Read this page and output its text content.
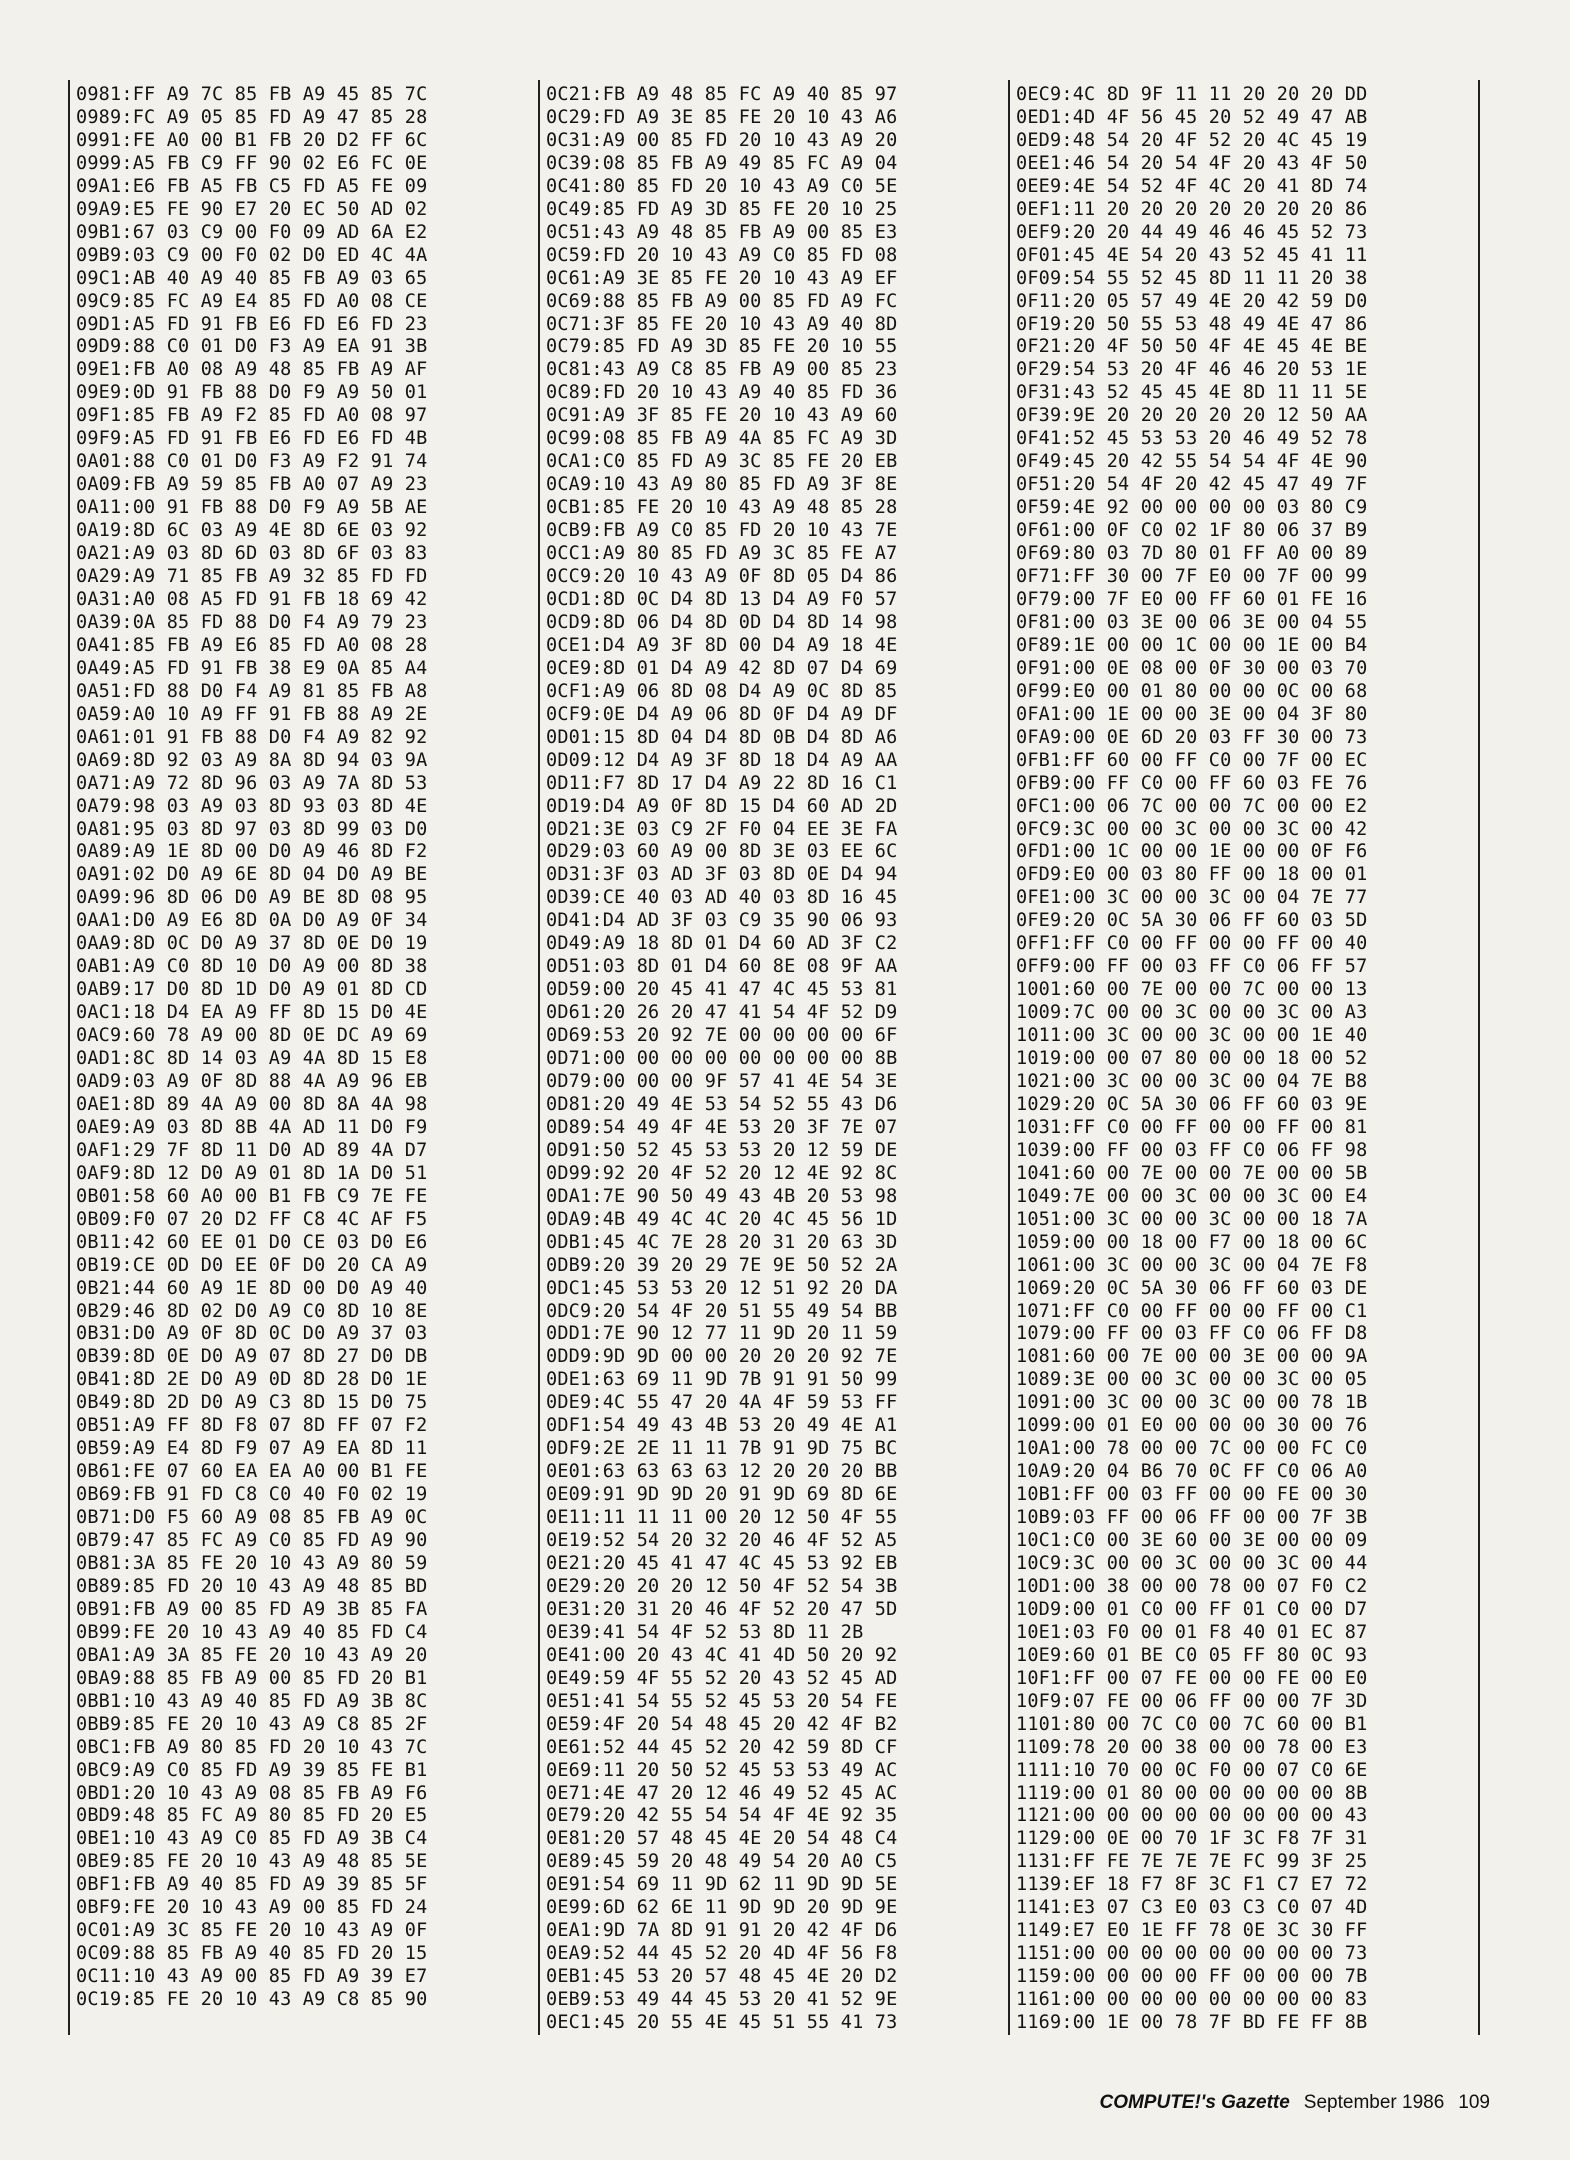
0981:FF A9 7C 85 FB A9 45 85 7C
0989:FC A9 05 85 FD A9 47 85 28
0991:FE A0 00 B1 FB 20 D2 FF 6C
0999:A5 FB C9 FF 90 02 E6 FC 0E
09A1:E6 FB A5 FB C5 FD A5 FE 09
09A9:E5 FE 90 E7 20 EC 50 AD 02
09B1:67 03 C9 00 F0 09 AD 6A E2
09B9:03 C9 00 F0 02 D0 ED 4C 4A
09C1:AB 40 A9 40 85 FB A9 03 65
09C9:85 FC A9 E4 85 FD A0 08 CE
09D1:A5 FD 91 FB E6 FD E6 FD 23
09D9:88 C0 01 D0 F3 A9 EA 91 3B
09E1:FB A0 08 A9 48 85 FB A9 AF
09E9:0D 91 FB 88 D0 F9 A9 50 01
09F1:85 FB A9 F2 85 FD A0 08 97
09F9:A5 FD 91 FB E6 FD E6 FD 4B
0A01:88 C0 01 D0 F3 A9 F2 91 74
0A09:FB A9 59 85 FB A0 07 A9 23
0A11:00 91 FB 88 D0 F9 A9 5B AE
0A19:8D 6C 03 A9 4E 8D 6E 03 92
0A21:A9 03 8D 6D 03 8D 6F 03 83
0A29:A9 71 85 FB A9 32 85 FD FD
0A31:A0 08 A5 FD 91 FB 18 69 42
0A39:0A 85 FD 88 D0 F4 A9 79 23
0A41:85 FB A9 E6 85 FD A0 08 28
0A49:A5 FD 91 FB 38 E9 0A 85 A4
0A51:FD 88 D0 F4 A9 81 85 FB A8
0A59:A0 10 A9 FF 91 FB 88 A9 2E
0A61:01 91 FB 88 D0 F4 A9 82 92
0A69:8D 92 03 A9 8A 8D 94 03 9A
0A71:A9 72 8D 96 03 A9 7A 8D 53
0A79:98 03 A9 03 8D 93 03 8D 4E
0A81:95 03 8D 97 03 8D 99 03 D0
0A89:A9 1E 8D 00 D0 A9 46 8D F2
0A91:02 D0 A9 6E 8D 04 D0 A9 BE
0A99:96 8D 06 D0 A9 BE 8D 08 95
0AA1:D0 A9 E6 8D 0A D0 A9 0F 34
0AA9:8D 0C D0 A9 37 8D 0E D0 19
0AB1:A9 C0 8D 10 D0 A9 00 8D 38
0AB9:17 D0 8D 1D D0 A9 01 8D CD
0AC1:18 D4 EA A9 FF 8D 15 D0 4E
0AC9:60 78 A9 00 8D 0E DC A9 69
0AD1:8C 8D 14 03 A9 4A 8D 15 E8
0AD9:03 A9 0F 8D 88 4A A9 96 EB
0AE1:8D 89 4A A9 00 8D 8A 4A 98
0AE9:A9 03 8D 8B 4A AD 11 D0 F9
0AF1:29 7F 8D 11 D0 AD 89 4A D7
0AF9:8D 12 D0 A9 01 8D 1A D0 51
0B01:58 60 A0 00 B1 FB C9 7E FE
0B09:F0 07 20 D2 FF C8 4C AF F5
0B11:42 60 EE 01 D0 CE 03 D0 E6
0B19:CE 0D D0 EE 0F D0 20 CA A9
0B21:44 60 A9 1E 8D 00 D0 A9 40
0B29:46 8D 02 D0 A9 C0 8D 10 8E
0B31:D0 A9 0F 8D 0C D0 A9 37 03
0B39:8D 0E D0 A9 07 8D 27 D0 DB
0B41:8D 2E D0 A9 0D 8D 28 D0 1E
0B49:8D 2D D0 A9 C3 8D 15 D0 75
0B51:A9 FF 8D F8 07 8D FF 07 F2
0B59:A9 E4 8D F9 07 A9 EA 8D 11
0B61:FE 07 60 EA EA A0 00 B1 FE
0B69:FB 91 FD C8 C0 40 F0 02 19
0B71:D0 F5 60 A9 08 85 FB A9 0C
0B79:47 85 FC A9 C0 85 FD A9 90
0B81:3A 85 FE 20 10 43 A9 80 59
0B89:85 FD 20 10 43 A9 48 85 BD
0B91:FB A9 00 85 FD A9 3B 85 FA
0B99:FE 20 10 43 A9 40 85 FD C4
0BA1:A9 3A 85 FE 20 10 43 A9 20
0BA9:88 85 FB A9 00 85 FD 20 B1
0BB1:10 43 A9 40 85 FD A9 3B 8C
0BB9:85 FE 20 10 43 A9 C8 85 2F
0BC1:FB A9 80 85 FD 20 10 43 7C
0BC9:A9 C0 85 FD A9 39 85 FE B1
0BD1:20 10 43 A9 08 85 FB A9 F6
0BD9:48 85 FC A9 80 85 FD 20 E5
0BE1:10 43 A9 C0 85 FD A9 3B C4
0BE9:85 FE 20 10 43 A9 48 85 5E
0BF1:FB A9 40 85 FD A9 39 85 5F
0BF9:FE 20 10 43 A9 00 85 FD 24
0C01:A9 3C 85 FE 20 10 43 A9 0F
0C09:88 85 FB A9 40 85 FD 20 15
0C11:10 43 A9 00 85 FD A9 39 E7
0C19:85 FE 20 10 43 A9 C8 85 90
0C21:FB A9 48 85 FC A9 40 85 97
0C29:FD A9 3E 85 FE 20 10 43 A6
0C31:A9 00 85 FD 20 10 43 A9 20
0C39:08 85 FB A9 49 85 FC A9 04
0C41:80 85 FD 20 10 43 A9 C0 5E
0C49:85 FD A9 3D 85 FE 20 10 25
0C51:43 A9 48 85 FB A9 00 85 E3
0C59:FD 20 10 43 A9 C0 85 FD 08
0C61:A9 3E 85 FE 20 10 43 A9 EF
0C69:88 85 FB A9 00 85 FD A9 FC
0C71:3F 85 FE 20 10 43 A9 40 8D
0C79:85 FD A9 3D 85 FE 20 10 55
0C81:43 A9 C8 85 FB A9 00 85 23
0C89:FD 20 10 43 A9 40 85 FD 36
0C91:A9 3F 85 FE 20 10 43 A9 60
0C99:08 85 FB A9 4A 85 FC A9 3D
0CA1:C0 85 FD A9 3C 85 FE 20 EB
0CA9:10 43 A9 80 85 FD A9 3F 8E
0CB1:85 FE 20 10 43 A9 48 85 28
0CB9:FB A9 C0 85 FD 20 10 43 7E
0CC1:A9 80 85 FD A9 3C 85 FE A7
0CC9:20 10 43 A9 0F 8D 05 D4 86
0CD1:8D 0C D4 8D 13 D4 A9 F0 57
0CD9:8D 06 D4 8D 0D D4 8D 14 98
0CE1:D4 A9 3F 8D 00 D4 A9 18 4E
0CE9:8D 01 D4 A9 42 8D 07 D4 69
0CF1:A9 06 8D 08 D4 A9 0C 8D 85
0CF9:0E D4 A9 06 8D 0F D4 A9 DF
0D01:15 8D 04 D4 8D 0B D4 8D A6
0D09:12 D4 A9 3F 8D 18 D4 A9 AA
0D11:F7 8D 17 D4 A9 22 8D 16 C1
0D19:D4 A9 0F 8D 15 D4 60 AD 2D
0D21:3E 03 C9 2F F0 04 EE 3E FA
0D29:03 60 A9 00 8D 3E 03 EE 6C
0D31:3F 03 AD 3F 03 8D 0E D4 94
0D39:CE 40 03 AD 40 03 8D 16 45
0D41:D4 AD 3F 03 C9 35 90 06 93
0D49:A9 18 8D 01 D4 60 AD 3F C2
0D51:03 8D 01 D4 60 8E 08 9F AA
0D59:00 20 45 41 47 4C 45 53 81
0D61:20 26 20 47 41 54 4F 52 D9
0D69:53 20 92 7E 00 00 00 00 6F
0D71:00 00 00 00 00 00 00 00 8B
0D79:00 00 00 9F 57 41 4E 54 3E
0D81:20 49 4E 53 54 52 55 43 D6
0D89:54 49 4F 4E 53 20 3F 7E 07
0D91:50 52 45 53 53 20 12 59 DE
0D99:92 20 4F 52 20 12 4E 92 8C
0DA1:7E 90 50 49 43 4B 20 53 98
0DA9:4B 49 4C 4C 20 4C 45 56 1D
0DB1:45 4C 7E 28 20 31 20 63 3D
0DB9:20 39 20 29 7E 9E 50 52 2A
0DC1:45 53 53 20 12 51 92 20 DA
0DC9:20 54 4F 20 51 55 49 54 BB
0DD1:7E 90 12 77 11 9D 20 11 59
0DD9:9D 9D 00 00 20 20 20 92 7E
0DE1:63 69 11 9D 7B 91 91 50 99
0DE9:4C 55 47 20 4A 4F 59 53 FF
0DF1:54 49 43 4B 53 20 49 4E A1
0DF9:2E 2E 11 11 7B 91 9D 75 BC
0E01:63 63 63 63 12 20 20 20 BB
0E09:91 9D 9D 20 91 9D 69 8D 6E
0E11:11 11 11 00 20 12 50 4F 55
0E19:52 54 20 32 20 46 4F 52 A5
0E21:20 45 41 47 4C 45 53 92 EB
0E29:20 20 20 12 50 4F 52 54 3B
0E31:20 31 20 46 4F 52 20 47 5D
0E39:41 54 4F 52 53 8D 11 2B
0E41:00 20 43 4C 41 4D 50 20 92
0E49:59 4F 55 52 20 43 52 45 AD
0E51:41 54 55 52 45 53 20 54 FE
0E59:4F 20 54 48 45 20 42 4F B2
0E61:52 44 45 52 20 42 59 8D CF
0E69:11 20 50 52 45 53 53 49 AC
0E71:4E 47 20 12 46 49 52 45 AC
0E79:20 42 55 54 54 4F 4E 92 35
0E81:20 57 48 45 4E 20 54 48 C4
0E89:45 59 20 48 49 54 20 A0 C5
0E91:54 69 11 9D 62 11 9D 9D 5E
0E99:6D 62 6E 11 9D 9D 20 9D 9E
0EA1:9D 7A 8D 91 91 20 42 4F D6
0EA9:52 44 45 52 20 4D 4F 56 F8
0EB1:45 53 20 57 48 45 4E 20 D2
0EB9:53 49 44 45 53 20 41 52 9E
0EC1:45 20 55 4E 45 51 55 41 73
0EC9:4C 8D 9F 11 11 20 20 20 DD
0ED1:4D 4F 56 45 20 52 49 47 AB
0ED9:48 54 20 4F 52 20 4C 45 19
0EE1:46 54 20 54 4F 20 43 4F 50
0EE9:4E 54 52 4F 4C 20 41 8D 74
0EF1:11 20 20 20 20 20 20 20 86
0EF9:20 20 44 49 46 46 45 52 73
0F01:45 4E 54 20 43 52 45 41 11
0F09:54 55 52 45 8D 11 11 20 38
0F11:20 05 57 49 4E 20 42 59 D0
0F19:20 50 55 53 48 49 4E 47 86
0F21:20 4F 50 50 4F 4E 45 4E BE
0F29:54 53 20 4F 46 46 20 53 1E
0F31:43 52 45 45 4E 8D 11 11 5E
0F39:9E 20 20 20 20 20 12 50 AA
0F41:52 45 53 53 20 46 49 52 78
0F49:45 20 42 55 54 54 4F 4E 90
0F51:20 54 4F 20 42 45 47 49 7F
0F59:4E 92 00 00 00 00 03 80 C9
0F61:00 0F C0 02 1F 80 06 37 B9
0F69:80 03 7D 80 01 FF A0 00 89
0F71:FF 30 00 7F E0 00 7F 00 99
0F79:00 7F E0 00 FF 60 01 FE 16
0F81:00 03 3E 00 06 3E 00 04 55
0F89:1E 00 00 1C 00 00 1E 00 B4
0F91:00 0E 08 00 0F 30 00 03 70
0F99:E0 00 01 80 00 00 0C 00 68
0FA1:00 1E 00 00 3E 00 04 3F 80
0FA9:00 0E 6D 20 03 FF 30 00 73
0FB1:FF 60 00 FF C0 00 7F 00 EC
0FB9:00 FF C0 00 FF 60 03 FE 76
0FC1:00 06 7C 00 00 7C 00 00 E2
0FC9:3C 00 00 3C 00 00 3C 00 42
0FD1:00 1C 00 00 1E 00 00 0F F6
0FD9:E0 00 03 80 FF 00 18 00 01
0FE1:00 3C 00 00 3C 00 04 7E 77
0FE9:20 0C 5A 30 06 FF 60 03 5D
0FF1:FF C0 00 FF 00 00 FF 00 40
0FF9:00 FF 00 03 FF C0 06 FF 57
1001:60 00 7E 00 00 7C 00 00 13
1009:7C 00 00 3C 00 00 3C 00 A3
1011:00 3C 00 00 3C 00 00 1E 40
1019:00 00 07 80 00 00 18 00 52
1021:00 3C 00 00 3C 00 04 7E B8
1029:20 0C 5A 30 06 FF 60 03 9E
1031:FF C0 00 FF 00 00 FF 00 81
1039:00 FF 00 03 FF C0 06 FF 98
1041:60 00 7E 00 00 7E 00 00 5B
1049:7E 00 00 3C 00 00 3C 00 E4
1051:00 3C 00 00 3C 00 00 18 7A
1059:00 00 18 00 F7 00 18 00 6C
1061:00 3C 00 00 3C 00 04 7E F8
1069:20 0C 5A 30 06 FF 60 03 DE
1071:FF C0 00 FF 00 00 FF 00 C1
1079:00 FF 00 03 FF C0 06 FF D8
1081:60 00 7E 00 00 3E 00 00 9A
1089:3E 00 00 3C 00 00 3C 00 05
1091:00 3C 00 00 3C 00 00 78 1B
1099:00 01 E0 00 00 00 30 00 76
10A1:00 78 00 00 7C 00 00 FC C0
10A9:20 04 B6 70 0C FF C0 06 A0
10B1:FF 00 03 FF 00 00 FE 00 30
10B9:03 FF 00 06 FF 00 00 7F 3B
10C1:C0 00 3E 60 00 3E 00 00 09
10C9:3C 00 00 3C 00 00 3C 00 44
10D1:00 38 00 00 78 00 07 F0 C2
10D9:00 01 C0 00 FF 01 C0 00 D7
10E1:03 F0 00 01 F8 40 01 EC 87
10E9:60 01 BE C0 05 FF 80 0C 93
10F1:FF 00 07 FE 00 00 FE 00 E0
10F9:07 FE 00 06 FF 00 00 7F 3D
1101:80 00 7C C0 00 7C 60 00 B1
1109:78 20 00 38 00 00 78 00 E3
1111:10 70 00 0C F0 00 07 C0 6E
1119:00 01 80 00 00 00 00 00 8B
1121:00 00 00 00 00 00 00 00 43
1129:00 0E 00 70 1F 3C F8 7F 31
1131:FF FE 7E 7E 7E FC 99 3F 25
1139:EF 18 F7 8F 3C F1 C7 E7 72
1141:E3 07 C3 E0 03 C3 C0 07 4D
1149:E7 E0 1E FF 78 0E 3C 30 FF
1151:00 00 00 00 00 00 00 00 73
1159:00 00 00 00 FF 00 00 00 7B
1161:00 00 00 00 00 00 00 00 83
1169:00 1E 00 78 7F BD FE FF 8B
COMPUTE!'s Gazette September 1986 109
